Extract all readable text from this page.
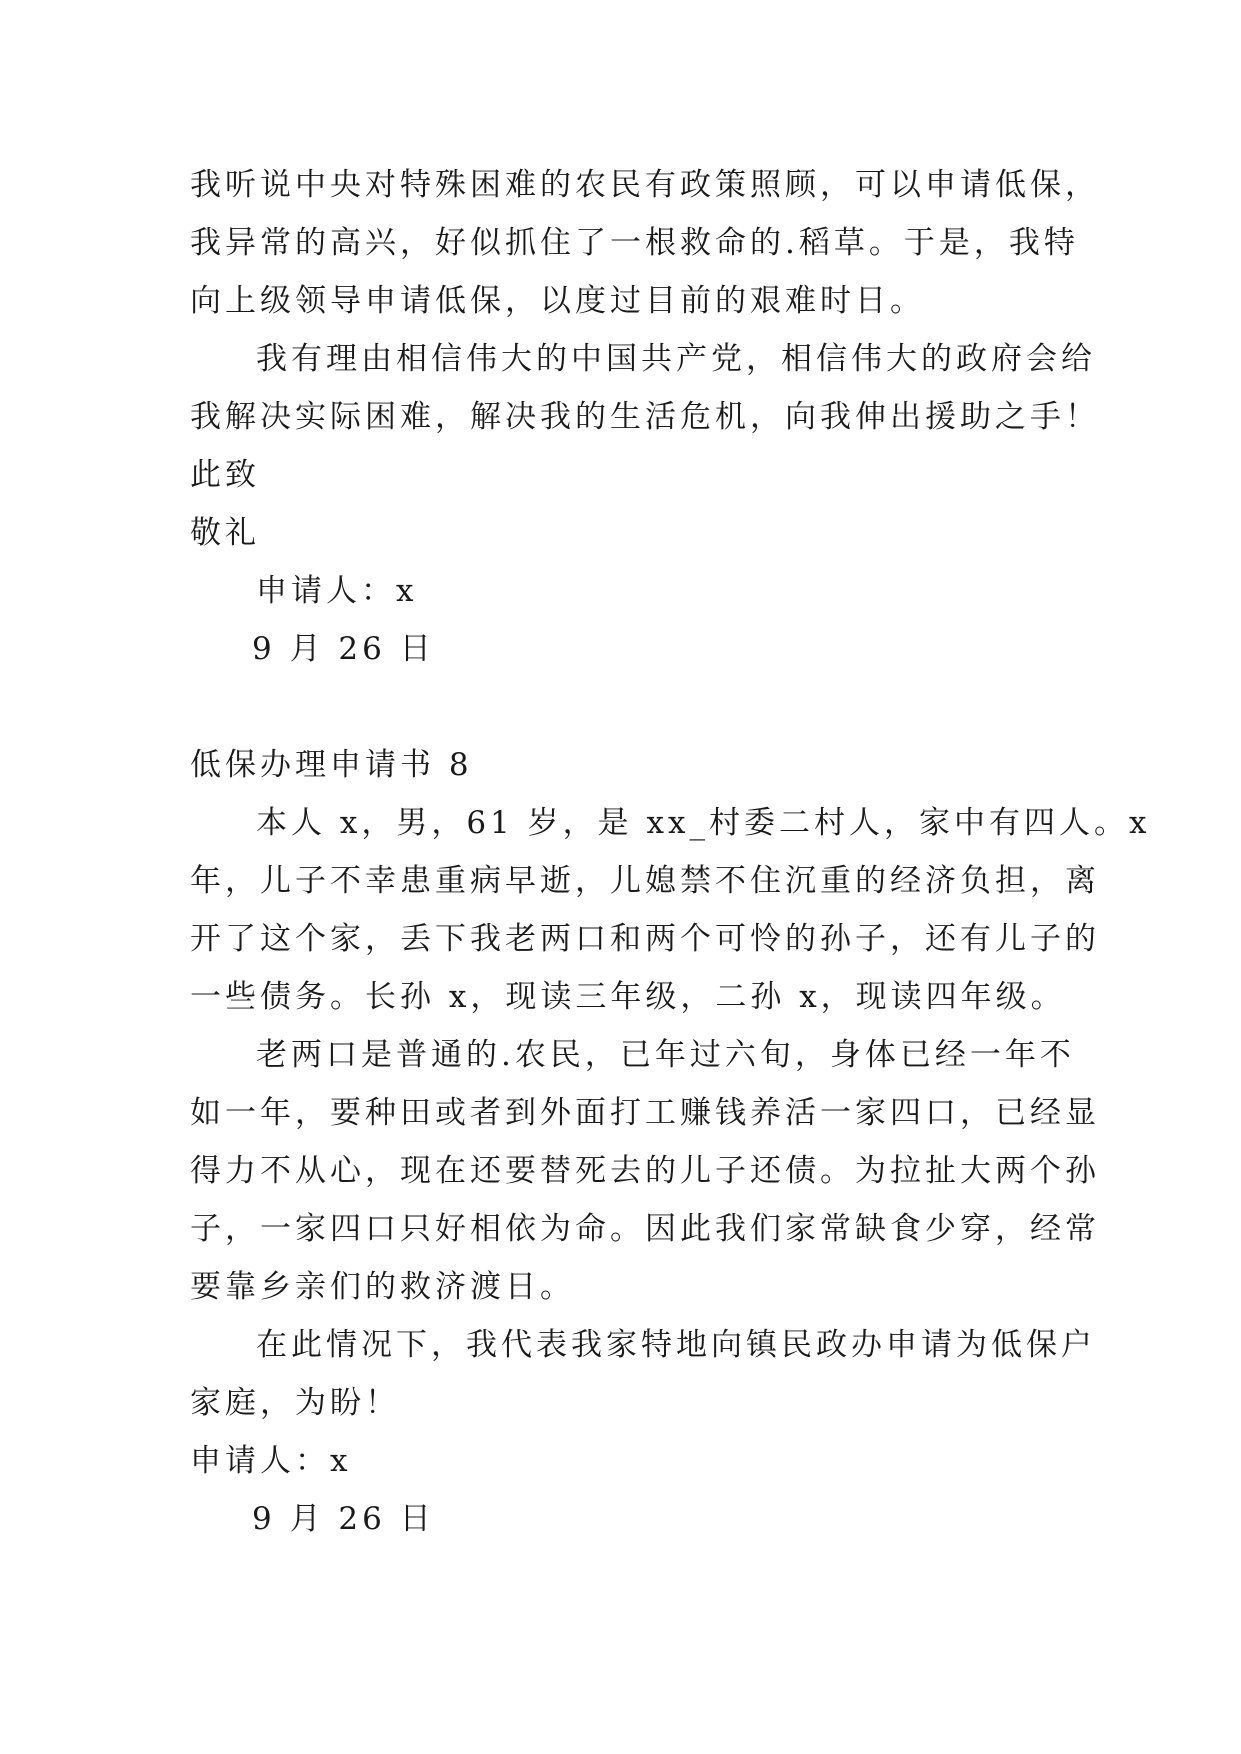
我听说中央对特殊困难的农民有政策照顾，可以申请低保，
我异常的高兴，好似抓住了一根救命的.稻草。于是，我特
向上级领导申请低保，以度过目前的艰难时日。
我有理由相信伟大的中国共产党，相信伟大的政府会给
我解决实际困难，解决我的生活危机，向我伸出援助之手！
此致
敬礼
申请人：x
9 月 26 日
低保办理申请书 8
本人 x，男，61 岁，是 xx_村委二村人，家中有四人。x
年，儿子不幸患重病早逝，儿媳禁不住沉重的经济负担，离
开了这个家，丢下我老两口和两个可怜的孙子，还有儿子的
一些债务。长孙 x，现读三年级，二孙 x，现读四年级。
老两口是普通的.农民，已年过六旬，身体已经一年不
如一年，要种田或者到外面打工赚钱养活一家四口，已经显
得力不从心，现在还要替死去的儿子还债。为拉扯大两个孙
子，一家四口只好相依为命。因此我们家常缺食少穿，经常
要靠乡亲们的救济渡日。
在此情况下，我代表我家特地向镇民政办申请为低保户
家庭，为盼！
申请人：x
9 月 26 日
